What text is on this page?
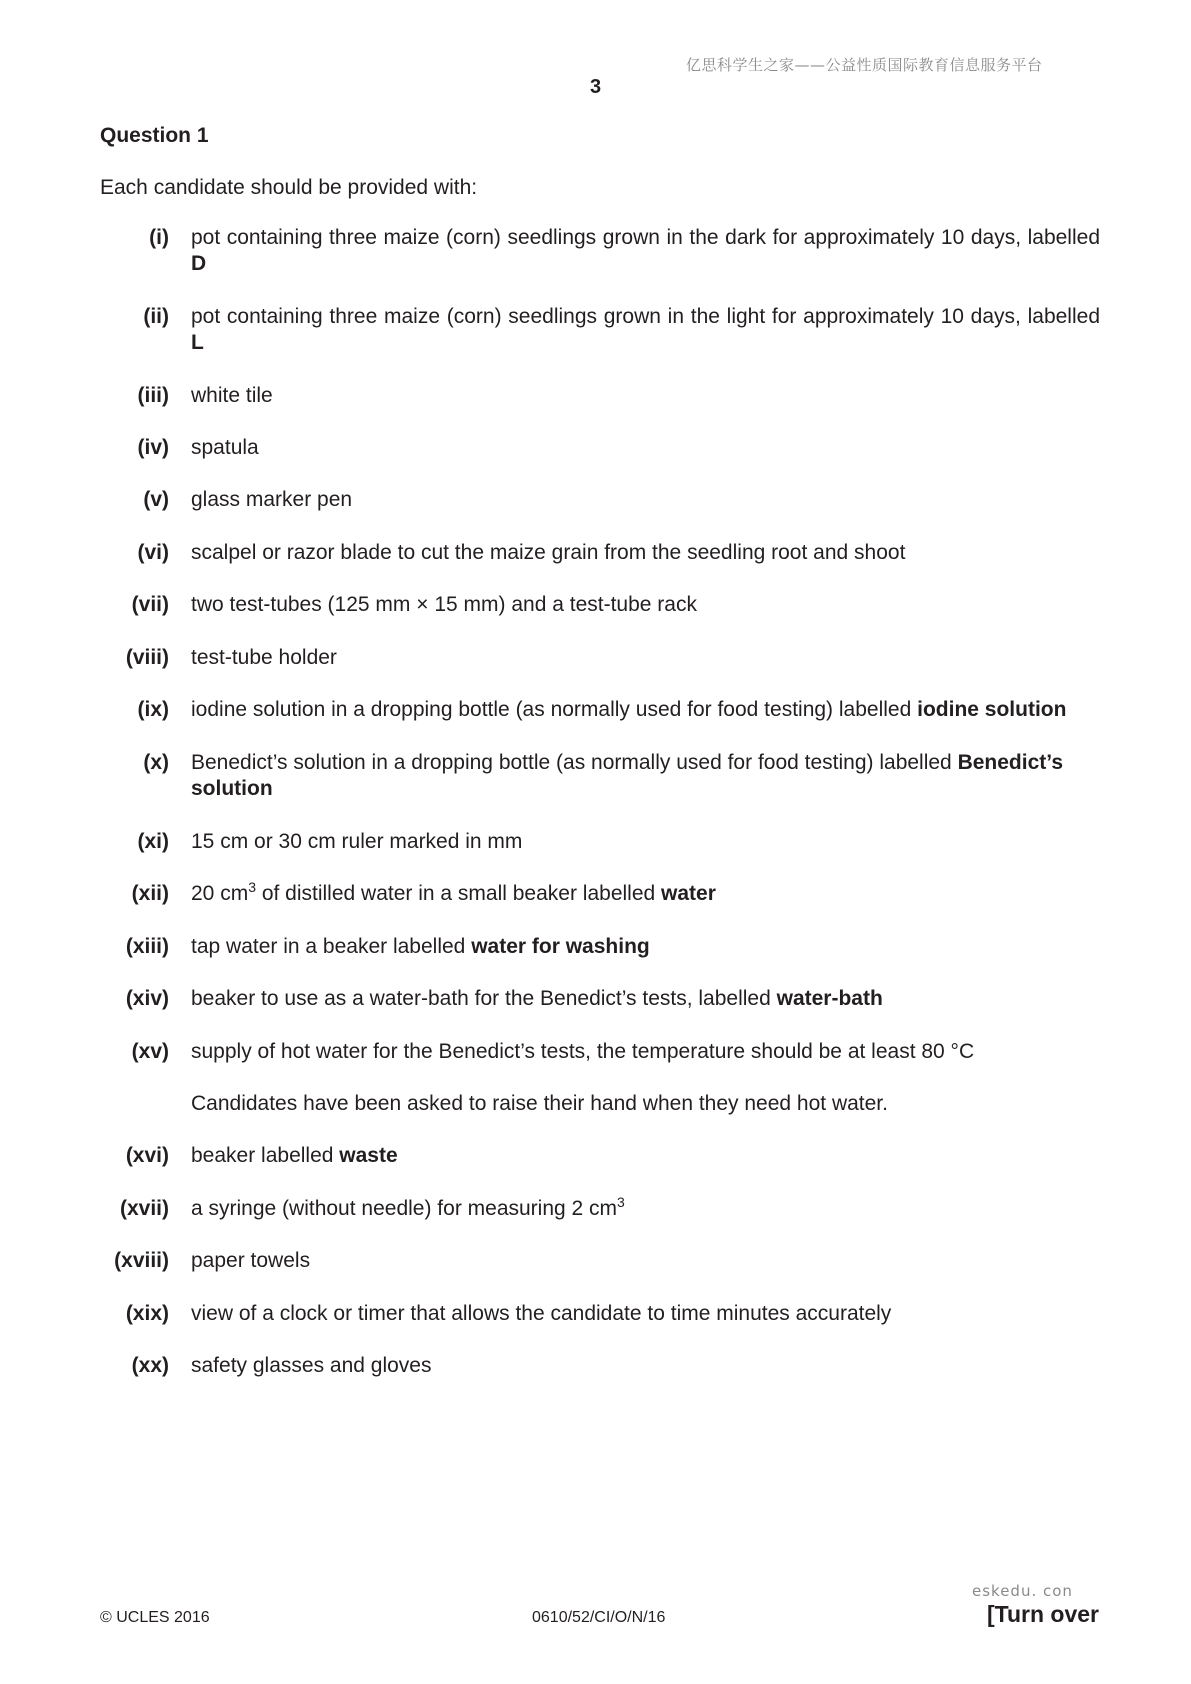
亿思科学生之家——公益性质国际教育信息服务平台
3
Question 1
Each candidate should be provided with:
(i) pot containing three maize (corn) seedlings grown in the dark for approximately 10 days, labelled D
(ii) pot containing three maize (corn) seedlings grown in the light for approximately 10 days, labelled L
(iii) white tile
(iv) spatula
(v) glass marker pen
(vi) scalpel or razor blade to cut the maize grain from the seedling root and shoot
(vii) two test-tubes (125 mm × 15 mm) and a test-tube rack
(viii) test-tube holder
(ix) iodine solution in a dropping bottle (as normally used for food testing) labelled iodine solution
(x) Benedict’s solution in a dropping bottle (as normally used for food testing) labelled Benedict’s solution
(xi) 15 cm or 30 cm ruler marked in mm
(xii) 20 $cm^3$ of distilled water in a small beaker labelled water
(xiii) tap water in a beaker labelled water for washing
(xiv) beaker to use as a water-bath for the Benedict’s tests, labelled water-bath
(xv) supply of hot water for the Benedict’s tests, the temperature should be at least 80 °C
Candidates have been asked to raise their hand when they need hot water.
(xvi) beaker labelled waste
(xvii) a syringe (without needle) for measuring 2 $cm^3$
(xviii) paper towels
(xix) view of a clock or timer that allows the candidate to time minutes accurately
(xx) safety glasses and gloves
eskedu. con
© UCLES 2016	0610/52/CI/O/N/16	[Turn over
